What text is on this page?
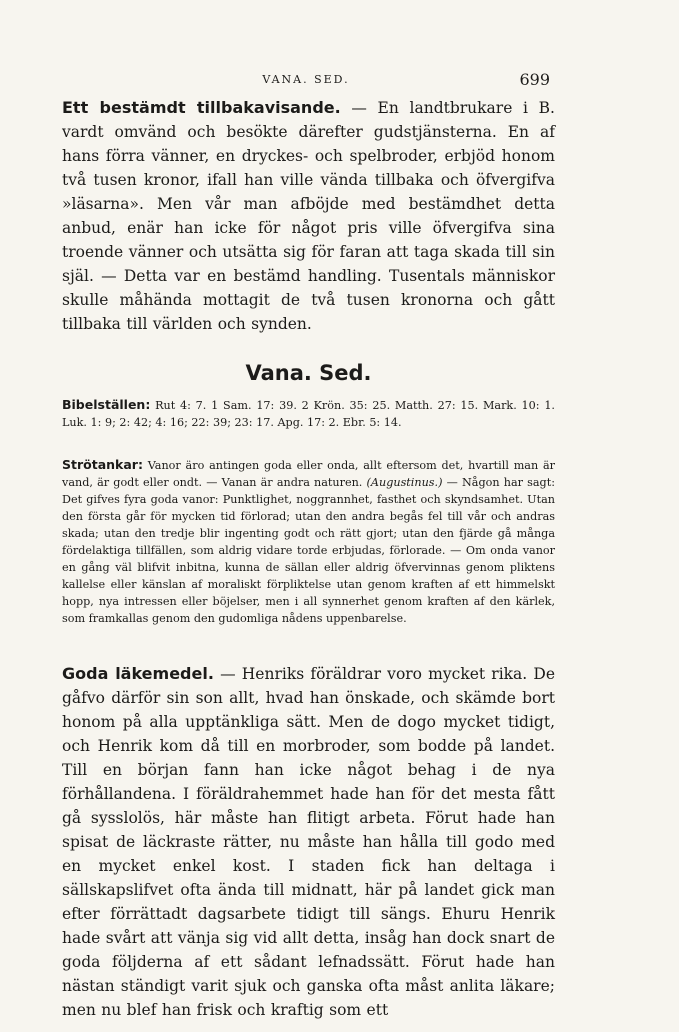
VANA. SED.	699

Ett bestämdt tillbakavisande. — En landtbrukare i B. vardt omvänd och besökte därefter gudstjänsterna. En af hans förra vänner, en dryckes- och spelbroder, erbjöd honom två tusen kronor, ifall han ville vända tillbaka och öfvergifva »läsarna». Men vår man afböjde med bestämdhet detta anbud, enär han icke för något pris ville öfvergifva sina troende vänner och utsätta sig för faran att taga skada till sin själ. — Detta var en bestämd handling. Tusentals människor skulle måhända mottagit de två tusen kronorna och gått tillbaka till världen och synden.

Vana. Sed.

Bibelställen: Rut 4: 7. 1 Sam. 17: 39. 2 Krön. 35: 25. Matth. 27: 15. Mark. 10: 1. Luk. 1: 9; 2: 42; 4: 16; 22: 39; 23: 17. Apg. 17: 2. Ebr. 5: 14.

Strötankar: Vanor äro antingen goda eller onda, allt eftersom det, hvartill man är vand, är godt eller ondt. — Vanan är andra naturen. (Augustinus.) — Någon har sagt: Det gifves fyra goda vanor: Punktlighet, noggrannhet, fasthet och skyndsamhet. Utan den första går för mycken tid förlorad; utan den andra begås fel till vår och andras skada; utan den tredje blir ingenting godt och rätt gjort; utan den fjärde gå många fördelaktiga tillfällen, som aldrig vidare torde erbjudas, förlorade. — Om onda vanor en gång väl blifvit inbitna, kunna de sällan eller aldrig öfvervinnas genom pliktens kallelse eller känslan af moraliskt förpliktelse utan genom kraften af ett himmelskt hopp, nya intressen eller böjelser, men i all synnerhet genom kraften af den kärlek, som framkallas genom den gudomliga nådens uppenbarelse.

Goda läkemedel. — Henriks föräldrar voro mycket rika. De gåfvo därför sin son allt, hvad han önskade, och skämde bort honom på alla upptänkliga sätt. Men de dogo mycket tidigt, och Henrik kom då till en morbroder, som bodde på landet. Till en början fann han icke något behag i de nya förhållandena. I föräldrahemmet hade han för det mesta fått gå sysslolös, här måste han flitigt arbeta. Förut hade han spisat de läckraste rätter, nu måste han hålla till godo med en mycket enkel kost. I staden fick han deltaga i sällskapslifvet ofta ända till midnatt, här på landet gick man efter förrättadt dagsarbete tidigt till sängs. Ehuru Henrik hade svårt att vänja sig vid allt detta, insåg han dock snart de goda följderna af ett sådant lefnadssätt. Förut hade han nästan ständigt varit sjuk och ganska ofta måst anlita läkare; men nu blef han frisk och kraftig som ett
